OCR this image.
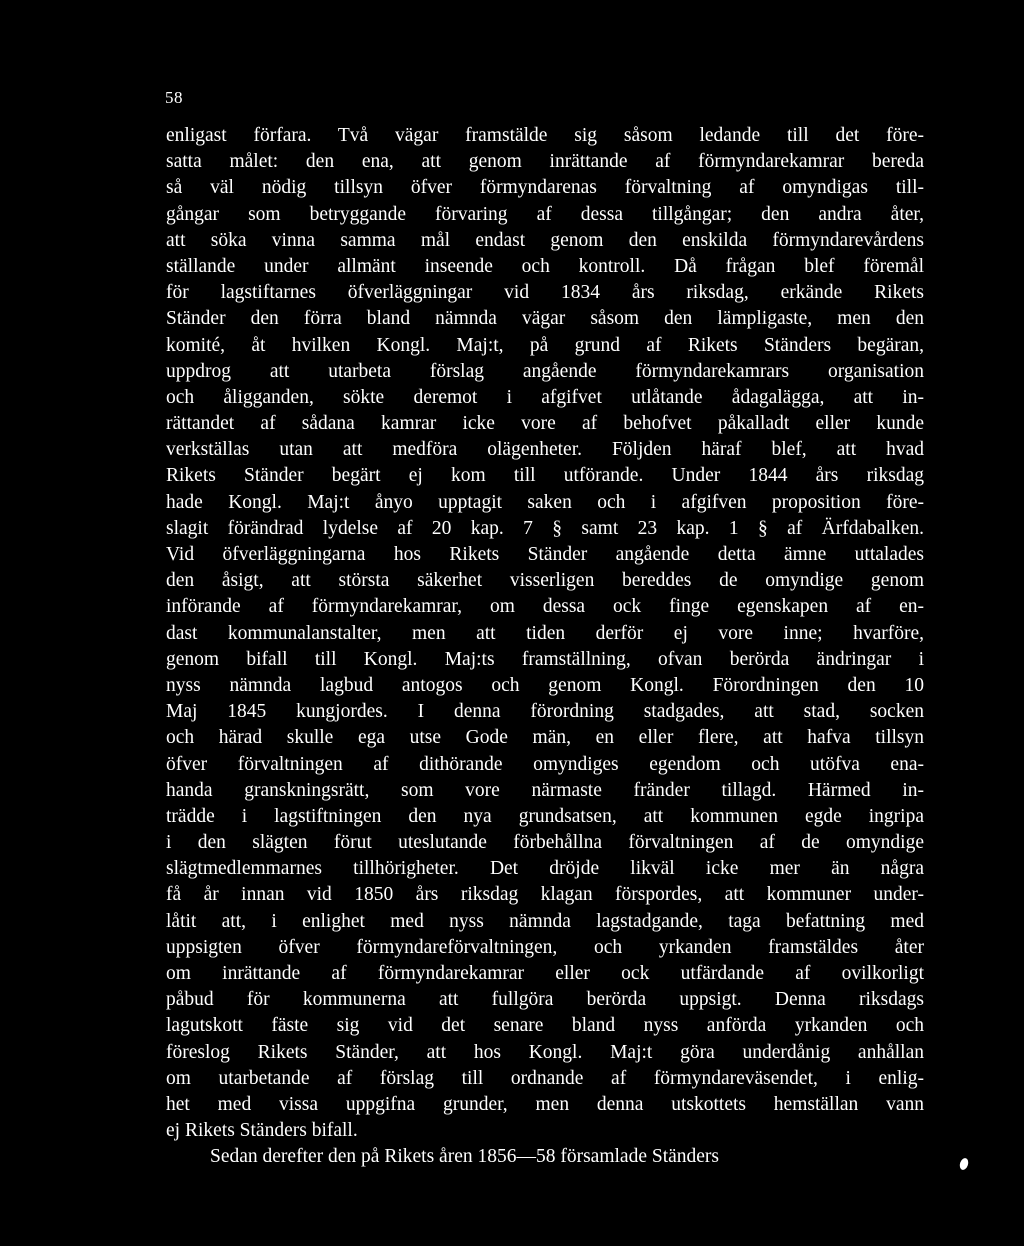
58
enligast förfara. Två vägar framstälde sig såsom ledande till det före-
satta målet: den ena, att genom inrättande af förmyndarekamrar bereda
så väl nödig tillsyn öfver förmyndarenas förvaltning af omyndigas till-
gångar som betryggande förvaring af dessa tillgångar; den andra åter,
att söka vinna samma mål endast genom den enskilda förmyndarevårdens
ställande under allmänt inseende och kontroll. Då frågan blef föremål
för lagstiftarnes öfverläggningar vid 1834 års riksdag, erkände Rikets
Ständer den förra bland nämnda vägar såsom den lämpligaste, men den
komité, åt hvilken Kongl. Maj:t, på grund af Rikets Ständers begäran,
uppdrog att utarbeta förslag angående förmyndarekamrars organisation
och åligganden, sökte deremot i afgifvet utlåtande ådagalägga, att in-
rättandet af sådana kamrar icke vore af behofvet påkalladt eller kunde
verkställas utan att medföra olägenheter. Följden häraf blef, att hvad
Rikets Ständer begärt ej kom till utförande. Under 1844 års riksdag
hade Kongl. Maj:t ånyo upptagit saken och i afgifven proposition före-
slagit förändrad lydelse af 20 kap. 7 § samt 23 kap. 1 § af Ärfdabalken.
Vid öfverläggningarna hos Rikets Ständer angående detta ämne uttalades
den åsigt, att största säkerhet visserligen bereddes de omyndige genom
införande af förmyndarekamrar, om dessa ock finge egenskapen af en-
dast kommunalanstalter, men att tiden derför ej vore inne; hvarföre,
genom bifall till Kongl. Maj:ts framställning, ofvan berörda ändringar i
nyss nämnda lagbud antogos och genom Kongl. Förordningen den 10
Maj 1845 kungjordes. I denna förordning stadgades, att stad, socken
och härad skulle ega utse Gode män, en eller flere, att hafva tillsyn
öfver förvaltningen af dithörande omyndiges egendom och utöfva ena-
handa granskningsrätt, som vore närmaste fränder tillagd. Härmed in-
trädde i lagstiftningen den nya grundsatsen, att kommunen egde ingripa
i den slägten förut uteslutande förbehållna förvaltningen af de omyndige
slägtmedlemmarnes tillhörigheter. Det dröjde likväl icke mer än några
få år innan vid 1850 års riksdag klagan förspordes, att kommuner under-
låtit att, i enlighet med nyss nämnda lagstadgande, taga befattning med
uppsigten öfver förmyndareförvaltningen, och yrkanden framstäldes åter
om inrättande af förmyndarekamrar eller ock utfärdande af ovilkorligt
påbud för kommunerna att fullgöra berörda uppsigt. Denna riksdags
lagutskott fäste sig vid det senare bland nyss anförda yrkanden och
föreslog Rikets Ständer, att hos Kongl. Maj:t göra underdånig anhållan
om utarbetande af förslag till ordnande af förmyndareväsendet, i enlig-
het med vissa uppgifna grunder, men denna utskottets hemställan vann
ej Rikets Ständers bifall.
Sedan derefter den på Rikets åren 1856—58 församlade Ständers
